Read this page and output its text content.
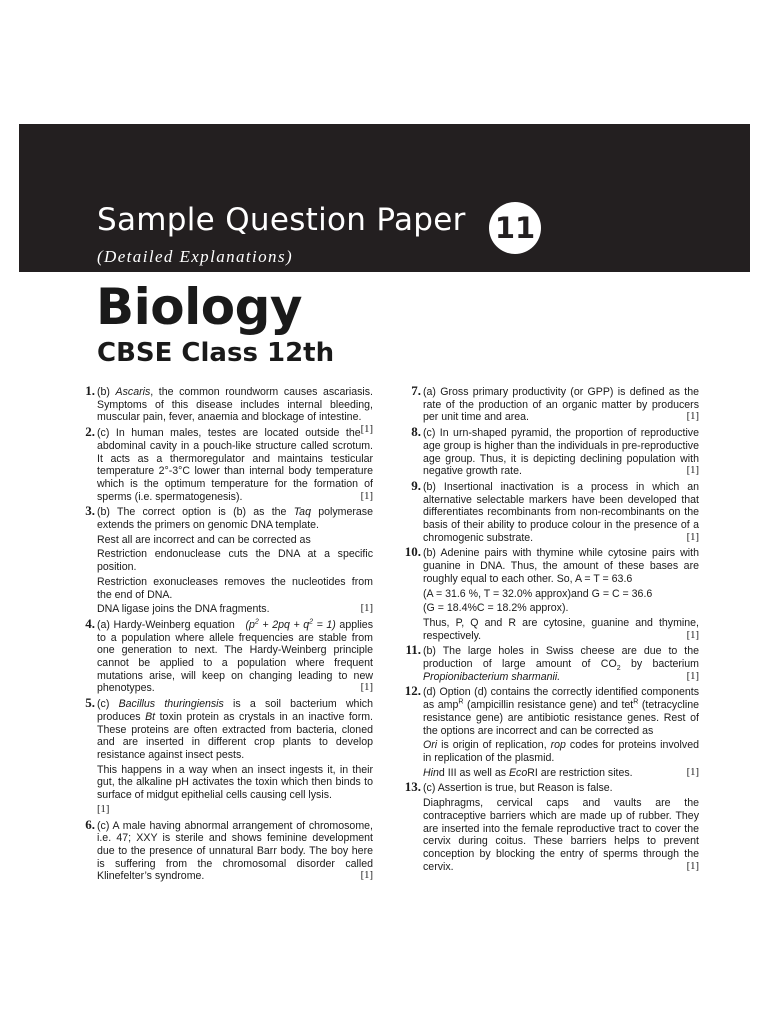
Sample Question Paper 11
(Detailed Explanations)
Biology
CBSE Class 12th
1. (b) Ascaris, the common roundworm causes ascariasis. Symptoms of this disease includes internal bleeding, muscular pain, fever, anaemia and blockage of intestine.
[1]

2. (c) In human males, testes are located outside the abdominal cavity in a pouch-like structure called scrotum. It acts as a thermoregulator and maintains testicular temperature 2°-3°C lower than internal body temperature which is the optimum temperature for the formation of sperms (i.e. spermatogenesis).	[1]

3. (b) The correct option is (b) as the Taq polymerase extends the primers on genomic DNA template.

Rest all are incorrect and can be corrected as

Restriction endonuclease cuts the DNA at a specific position.

Restriction exonucleases removes the nucleotides from the end of DNA.

DNA ligase joins the DNA fragments.	[1]

4. (a) Hardy-Weinberg equation $(p^2 + 2pq + q^2 = 1)$ applies to a population where allele frequencies are stable from one generation to next. The Hardy-Weinberg principle cannot be applied to a population where frequent mutations arise, will keep on changing leading to new phenotypes.	[1]

5. (c) Bacillus thuringiensis is a soil bacterium which produces Bt toxin protein as crystals in an inactive form. These proteins are often extracted from bacteria, cloned and are inserted in different crop plants to develop resistance against insect pests.

This happens in a way when an insect ingests it, in their gut, the alkaline pH activates the toxin which then binds to surface of midgut epithelial cells causing cell lysis.

[1]

6. (c) A male having abnormal arrangement of chromosome, i.e. 47; XXY is sterile and shows feminine development due to the presence of unnatural Barr body. The boy here is suffering from the chromosomal disorder called Klinefelter’s syndrome.	[1]

7. (a) Gross primary productivity (or GPP) is defined as the rate of the production of an organic matter by producers per unit time and area.	[1]

8. (c) In urn-shaped pyramid, the proportion of reproductive age group is higher than the individuals in pre-reproductive age group. Thus, it is depicting declining population with negative growth rate.	[1]

9. (b) Insertional inactivation is a process in which an alternative selectable markers have been developed that differentiates recombinants from non-recombinants on the basis of their ability to produce colour in the presence of a chromogenic substrate.	[1]

10. (b) Adenine pairs with thymine while cytosine pairs with guanine in DNA. Thus, the amount of these bases are roughly equal to each other. So, A = T = 63.6

(A = 31.6 %, T = 32.0% approx)and G = C = 36.6

(G = 18.4%C = 18.2% approx).

Thus, P, Q and R are cytosine, guanine and thymine, respectively.	[1]

11. (b) The large holes in Swiss cheese are due to the production of large amount of $CO_2$ by bacterium Propionibacterium sharmanii.	[1]

12. (d) Option (d) contains the correctly identified components as amp$^R$ (ampicillin resistance gene) and tet$^R$ (tetracycline resistance gene) are antibiotic resistance genes. Rest of the options are incorrect and can be corrected as

Ori is origin of replication, rop codes for proteins involved in replication of the plasmid.

Hind III as well as EcoRI are restriction sites.	[1]

13. (c) Assertion is true, but Reason is false.

Diaphragms, cervical caps and vaults are the contraceptive barriers which are made up of rubber. They are inserted into the female reproductive tract to cover the cervix during coitus. These barriers helps to prevent conception by blocking the entry of sperms through the cervix.	[1]
